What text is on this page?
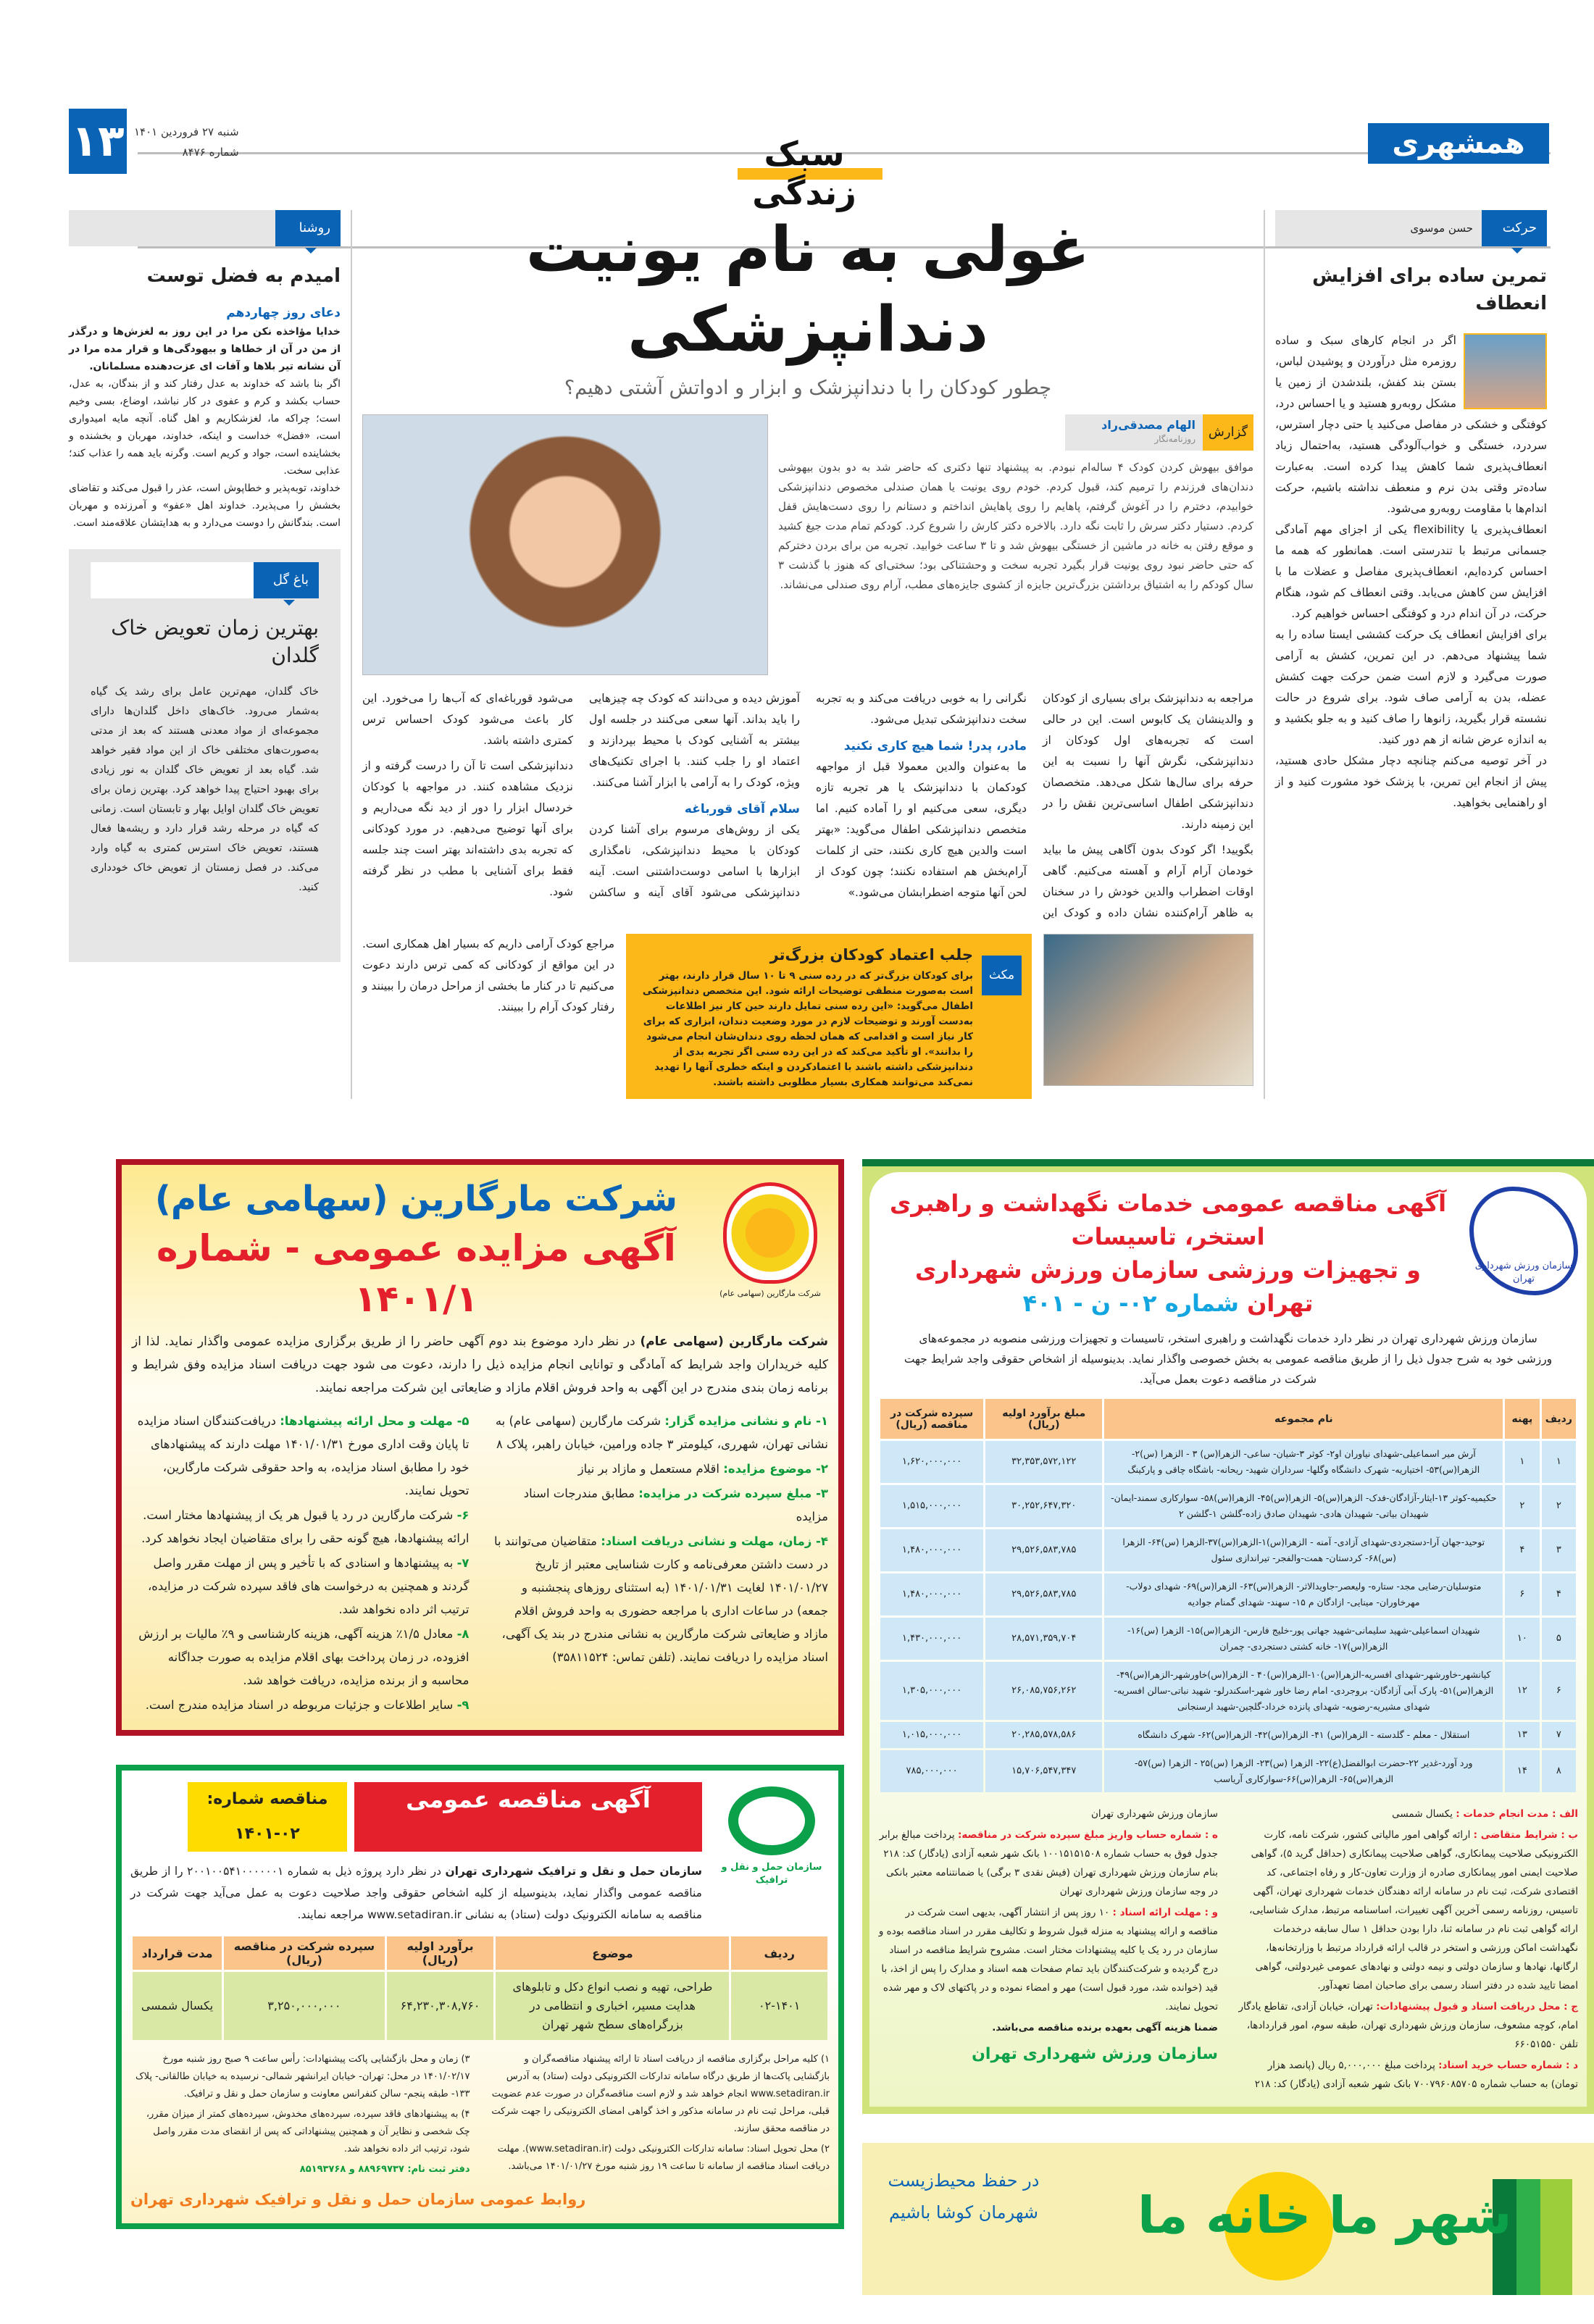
همشهری
۱۳ شنبه ۲۷ فروردین ۱۴۰۱
شماره ۸۴۷۶	سبک زندگی
حرکت
حسن موسوی
تمرین ساده برای افزایش انعطاف

اگر در انجام کارهای سبک و ساده روزمره مثل درآوردن و پوشیدن لباس، بستن بند کفش، بلندشدن از زمین یا مشکل روبه‌رو هستید و یا احساس درد، کوفتگی و خشکی در مفاصل می‌کنید یا حتی دچار استرس، سردرد، خستگی و خواب‌آلودگی هستید، به‌احتمال زیاد انعطاف‌پذیری شما کاهش پیدا کرده است. به‌عبارت ساده‌تر وقتی بدن نرم و منعطف نداشته باشیم، حرکت اندام‌ها با مقاومت روبه‌رو می‌شود.

انعطاف‌پذیری یا flexibility یکی از اجزای مهم آمادگی جسمانی مرتبط با تندرستی است. همانطور که همه ما احساس کرده‌ایم، انعطاف‌پذیری مفاصل و عضلات ما با افزایش سن کاهش می‌یابد. وقتی انعطاف کم شود، هنگام حرکت، در آن اندام درد و کوفتگی احساس خواهیم کرد.

برای افزایش انعطاف یک حرکت کششی ایستا ساده را به شما پیشنهاد می‌دهم. در این تمرین، کشش به آرامی صورت می‌گیرد و لازم است ضمن حرکت جهت کشش عضله، بدن به آرامی صاف شود. برای شروع در حالت نشسته قرار بگیرید، زانوها را صاف کنید و به جلو بکشید و به اندازه عرض شانه از هم دور کنید.

در آخر توصیه می‌کنم چنانچه دچار مشکل حادی هستید، پیش از انجام این تمرین، با پزشک خود مشورت کنید و از او راهنمایی بخواهید.

غولی به نام یونیت دندانپزشکی
چطور کودکان را با دندانپزشک و ابزار و ادواتش آشتی دهیم؟
گزارش
الهام مصدقی‌راد
روزنامه‌نگار

موافق بیهوش کردن کودک ۴ ساله‌ام نبودم. به پیشنهاد تنها دکتری که حاضر شد به دو بدون بیهوشی دندان‌های فرزندم را ترمیم کند، قبول کردم. خودم روی یونیت یا همان صندلی مخصوص دندانپزشکی خوابیدم، دخترم را در آغوش گرفتم، پاهایم را روی پاهایش انداختم و دستانم را روی دست‌هایش قفل کردم. دستیار دکتر سرش را ثابت نگه دارد. بالاخره دکتر کارش را شروع کرد. کودکم تمام مدت جیغ کشید و موقع رفتن به خانه در ماشین از خستگی بیهوش شد و تا ۳ ساعت خوابید. تجربه من برای بردن دخترکم که حتی حاضر نبود روی یونیت قرار بگیرد تجربه سخت و وحشتناکی بود؛ سختی‌ای که هنوز با گذشت ۳ سال کودکم را به اشتیاق برداشتن بزرگ‌ترین جایزه از کشوی جایزه‌های مطب، آرام روی صندلی می‌نشاند.

مراجعه به دندانپزشک برای بسیاری از کودکان و والدینشان یک کابوس است. این در حالی است که تجربه‌های اول کودکان از دندانپزشکی، نگرش آنها را نسبت به این حرفه برای سال‌ها شکل می‌دهد. متخصصان دندانپزشکی اطفال اساسی‌ترین نقش را در این زمینه دارند.

بگویید! اگر کودک بدون آگاهی پیش ما بیاید خودمان آرام آرام و آهسته می‌کنیم. گاهی اوقات اضطراب والدین خودش را در سخنان به ظاهر آرام‌کننده نشان داده و کودک این نگرانی را به خوبی دریافت می‌کند و به تجربه سخت دندانپزشکی تبدیل می‌شود.

مادر، پدر! شما هیچ کاری نکنید

ما به‌عنوان والدین معمولا قبل از مواجهه کودکمان با دندانپزشک یا هر تجربه تازه دیگری، سعی می‌کنیم او را آماده کنیم. اما متخصص دندانپزشکی اطفال می‌گوید: «بهتر است والدین هیچ کاری نکنند، حتی از کلمات آرام‌بخش هم استفاده نکنند؛ چون کودک از لحن آنها متوجه اضطرابشان می‌شود.»

آموزش دیده و می‌دانند که کودک چه چیزهایی را باید بداند. آنها سعی می‌کنند در جلسه اول بیشتر به آشنایی کودک با محیط بپردازند و اعتماد او را جلب کنند. با اجرای تکنیک‌های ویژه، کودک را به آرامی با ابزار آشنا می‌کنند.

سلام آقای قورباغه

یکی از روش‌های مرسوم برای آشنا کردن کودکان با محیط دندانپزشکی، نامگذاری ابزارها با اسامی دوست‌داشتنی است. آینه دندانپزشکی می‌شود آقای آینه و ساکشن می‌شود قورباغه‌ای که آب‌ها را می‌خورد. این کار باعث می‌شود کودک احساس ترس کمتری داشته باشد.

دندانپزشکی است تا آن را درست گرفته و از نزدیک مشاهده کنند. در مواجهه با کودکان خردسال ابزار را دور از دید نگه می‌داریم و برای آنها توضیح می‌دهیم. در مورد کودکانی که تجربه بدی داشته‌اند بهتر است چند جلسه فقط برای آشنایی با مطب در نظر گرفته شود.

مکث
جلب اعتماد کودکان بزرگ‌تر

برای کودکان بزرگ‌تر که در رده سنی ۹ تا ۱۰ سال قرار دارند، بهتر است به‌صورت منطقی توضیحات ارائه شود. این متخصص دندانپزشکی اطفال می‌گوید: «این رده سنی تمایل دارند حین کار نیز اطلاعات به‌دست آورند و توضیحات لازم در مورد وضعیت دندان، ابزاری که برای کار نیاز است و اقدامی که همان لحظه روی دندان‌شان انجام می‌شود را بدانند». او تأکید می‌کند که در این رده سنی اگر تجربه بدی از دندانپزشکی داشته باشند با اعتمادکردن و اینکه خطری آنها را تهدید نمی‌کند می‌توانند همکاری بسیار مطلوبی داشته باشند.

مراجع کودک آرامی داریم که بسیار اهل همکاری است. در این مواقع از کودکانی که کمی ترس دارند دعوت می‌کنیم تا در کنار ما بخشی از مراحل درمان را ببینند و رفتار کودک آرام را ببینند.

روشنا
امیدم به فضل توست
دعای روز چهاردهم

خدایا مؤاخذه نکن مرا در این روز به لغزش‌ها و درگذر از من در آن از خطاها و بیهودگی‌ها و قرار مده مرا در آن نشانه تیر بلاها و آفات ای عزت‌دهنده مسلمانان.

اگر بنا باشد که خداوند به عدل رفتار کند و از بندگان، به عدل، حساب بکشد و کرم و عفوی در کار نباشد، اوضاع، بسی وخیم است؛ چراکه ما، لغزشکاریم و اهل گناه. آنچه مایه امیدواری است، «فضل» خداست و اینکه، خداوند، مهربان و بخشنده و بخشاینده است، جواد و کریم است. وگرنه باید همه را عذاب کند؛ عذابی سخت.

خداوند، توبه‌پذیر و خطاپوش است، عذر را قبول می‌کند و تقاضای بخشش را می‌پذیرد. خداوند اهل «عفو» و آمرزنده و مهربان است. بندگانش را دوست می‌دارد و به هدایتشان علاقه‌مند است.

باغ گل
بهترین زمان تعویض خاک گلدان

خاک گلدان، مهم‌ترین عامل برای رشد یک گیاه به‌شمار می‌رود. خاک‌های داخل گلدان‌ها دارای مجموعه‌ای از مواد معدنی هستند که بعد از مدتی به‌صورت‌های مختلفی خاک از این مواد فقیر خواهد شد. گیاه بعد از تعویض خاک گلدان به نور زیادی برای بهبود احتیاج پیدا خواهد کرد. بهترین زمان برای تعویض خاک گلدان اوایل بهار و تابستان است. زمانی که گیاه در مرحله رشد قرار دارد و ریشه‌ها فعال هستند، تعویض خاک استرس کمتری به گیاه وارد می‌کند. در فصل زمستان از تعویض خاک خودداری کنید.

سازمان ورزش شهرداری تهران
آگهی مناقصه عمومی خدمات نگهداشت و راهبری استخر، تاسیسات
و تجهیزات ورزشی سازمان ورزش شهرداری تهران شماره ۰۲- ن - ۴۰۱
سازمان ورزش شهرداری تهران در نظر دارد خدمات نگهداشت و راهبری استخر، تاسیسات و تجهیزات ورزشی منصوبه در مجموعه‌های ورزشی خود به شرح جدول ذیل را از طریق مناقصه عمومی به بخش خصوصی واگذار نماید. بدینوسیله از اشخاص حقوقی واجد شرایط جهت شرکت در مناقصه دعوت بعمل می‌آید.
ردیف	پهنه	نام مجموعه	مبلغ برآورد اولیه (ریال)	سپرده شرکت در مناقصه (ریال)
۱	۱	آرش میر اسماعیلی-شهدای نیاوران او۲- کوثر ۳-شیان- ساعی- الزهرا(س) ۳ - الزهرا (س)۲- الزهرا(س)۵۳- اختیاریه- شهرک دانشگاه وگلها- سرداران شهید- ریحانه- باشگاه چاقی و پارکینگ	۳۲,۳۵۳,۵۷۲,۱۲۲	۱,۶۲۰,۰۰۰,۰۰۰
۲	۲	حکیمیه-کوثر ۱۳-ایثار-آزادگان-فدک- الزهرا(س)۵- الزهرا(س)۴۵- الزهرا(س)۵۸- سوارکاری سمند-ایمان- شهیدان بیاتی- شهیدان هادی- شهیدان صادق زاده-گلشن ۱-گلشن ۲	۳۰,۲۵۲,۶۴۷,۳۲۰	۱,۵۱۵,۰۰۰,۰۰۰
۳	۴	توحید-جهان آرا-دستجردی-شهدای آزادی- آمنه - الزهرا(س)۱-الزهرا(س)۳۷-الزهرا (س)۶۴- الزهرا (س)۶۸- کردستان- همت-والفجر- تیراندازی سئول	۲۹,۵۲۶,۵۸۳,۷۸۵	۱,۴۸۰,۰۰۰,۰۰۰
۴	۶	متوسلیان-رضایی مجد- ستاره- ولیعصر-جاویدالاثر- الزهرا(س)۶۳- الزهرا(س)۶۹- شهدای دولاب- مهرخاوران- مینایی- ازادگان م ۱۵- سهند- شهدای گمنام جوادیه	۲۹,۵۲۶,۵۸۳,۷۸۵	۱,۴۸۰,۰۰۰,۰۰۰
۵	۱۰	شهیدان اسماعیلی-شهید سلیمانی-شهید جهانی پور-خلیج فارس- الزهرا(س)۱۵- الزهرا (س)۱۶- الزهرا(س)۱۷- خانه کشتی دستجردی- چمران	۲۸,۵۷۱,۳۵۹,۷۰۴	۱,۴۳۰,۰۰۰,۰۰۰
۶	۱۲	کیانشهر-خاورشهر-شهدای افسریه-الزهرا(س)۱۰-الزهرا(س)۴۰ - الزهرا(س)خاورشهر-الزهرا(س)۴۹-الزهرا(س)۵۱- پارک آبی آزادگان- بروجردی- امام رضا خاور شهر-اسکندرلو- شهید نباتی-سالن افسریه-شهدای مشیریه-رضویه- شهدای پانزده خرداد-گلچین-شهید ارسنجانی	۲۶,۰۸۵,۷۵۶,۲۶۲	۱,۳۰۵,۰۰۰,۰۰۰
۷	۱۳	استقلال - معلم - گلدسته - الزهرا(س) ۴۱- الزهرا(س)۴۲- الزهرا(س)۶۲- شهرک دانشگاه	۲۰,۲۸۵,۵۷۸,۵۸۶	۱,۰۱۵,۰۰۰,۰۰۰
۸	۱۴	ورد آورد-غدیر ۲۲-حضرت ابوالفضل(ع)۲۲- الزهرا (س)۲۳- الزهرا (س)۲۵ - الزهرا (س)۵۷- الزهرا(س)۶۵- الزهرا(س)۶۶-سوارکاری آریاسب	۱۵,۷۰۶,۵۴۷,۳۴۷	۷۸۵,۰۰۰,۰۰۰

الف : مدت انجام خدمات : یکسال شمسی

ب : شرایط متقاضی : ارائه گواهی امور مالیاتی کشور، شرکت نامه، کارت الکترونیکی صلاحیت پیمانکاری، گواهی صلاحیت پیمانکاری (حداقل گرید ۵)، گواهی صلاحیت ایمنی امور پیمانکاری صادره از وزارت تعاون-کار و رفاه اجتماعی، کد اقتصادی شرکت، ثبت نام در سامانه ارائه دهندگان خدمات شهرداری تهران، آگهی تاسیس، روزنامه رسمی آخرین آگهی تغییرات، اساسنامه مرتبط، مدارک شناسایی، ارائه گواهی ثبت نام در سامانه ثنا، دارا بودن حداقل ۱ سال سابقه درخدمات نگهداشت اماکن ورزشی و استخر در قالب ارائه قرارداد مرتبط با وزارتخانه‌ها، ارگانها، نهادها و سازمان دولتی و نیمه دولتی و نهادهای عمومی غیردولتی، گواهی امضا تایید شده در دفتر اسناد رسمی برای صاحبان امضا تعهدآور.

ج : محل دریافت اسناد و قبول پیشنهادات: تهران، خیابان آزادی، تقاطع یادگار امام، کوچه مشعوف، سازمان ورزش شهرداری تهران، طبقه سوم، امور قراردادها، تلفن ۶۶۰۵۱۵۵۰

د : شماره حساب خرید اسناد: پرداخت مبلغ ۵,۰۰۰,۰۰۰ ریال (پانصد هزار تومان) به حساب شماره ۷۰۰۷۹۶۰۸۵۷۰۵ بانک شهر شعبه آزادی (یادگار) کد: ۲۱۸ سازمان ورزش شهرداری تهران

ه : شماره حساب واریز مبلغ سپرده شرکت در مناقصه: پرداخت مبالغ برابر جدول فوق به حساب شماره ۱۰۰۱۵۱۵۱۵۰۸ بانک شهر شعبه آزادی (یادگار) کد: ۲۱۸ بنام سازمان ورزش شهرداری تهران (فیش نقدی ۳ برگی) یا ضمانتنامه معتبر بانکی در وجه سازمان ورزش شهرداری تهران

و : مهلت ارائه اسناد : ۱۰ روز پس از انتشار آگهی، بدیهی است شرکت در مناقصه و ارائه پیشنهاد به منزله قبول شروط و تکالیف مقرر در اسناد مناقصه بوده و سازمان در رد یک یا کلیه پیشنهادات مختار است. مشروح شرایط مناقصه در اسناد درج گردیده و شرکت‌کنندگان باید تمام صفحات همه اسناد و مدارک را پس از اخذ، با قید (خوانده شد، مورد قبول است) مهر و امضاء نموده و در پاکتهای لاک و مهر شده تحویل نمایند.

ضمنا هزینه آگهی بعهده برنده مناقصه می‌باشد.

سازمان ورزش شهرداری تهران
شهر ما خانه ما
در حفظ محیط‌زیست شهرمان کوشا باشیم
شرکت مارگارین (سهامی عام)
شرکت مارگارین (سهامی عام)
آگهی مزایده عمومی - شماره ۱۴۰۱/۱
شرکت مارگارین (سهامی عام) در نظر دارد موضوع بند دوم آگهی حاضر را از طریق برگزاری مزایده عمومی واگذار نماید. لذا از کلیه خریداران واجد شرایط که آمادگی و توانایی انجام مزایده ذیل را دارند، دعوت می شود جهت دریافت اسناد مزایده وفق شرایط و برنامه زمان بندی مندرج در این آگهی به واحد فروش اقلام مازاد و ضایعاتی این شرکت مراجعه نمایند.
۱- نام و نشانی مزایده گزار: شرکت مارگارین (سهامی عام) به نشانی تهران، شهرری، کیلومتر ۳ جاده ورامین، خیابان راهبر، پلاک ۸
۲- موضوع مزایده: اقلام مستعمل و مازاد بر نیاز
۳- مبلغ سپرده شرکت در مزایده: مطابق مندرجات اسناد مزایده
۴- زمان، مهلت و نشانی دریافت اسناد: متقاضیان می‌توانند با در دست داشتن معرفی‌نامه و کارت شناسایی معتبر از تاریخ ۱۴۰۱/۰۱/۲۷ لغایت ۱۴۰۱/۰۱/۳۱ (به استثنای روزهای پنجشنبه و جمعه) در ساعات اداری با مراجعه حضوری به واحد فروش اقلام مازاد و ضایعاتی شرکت مارگارین به نشانی مندرج در بند یک آگهی، اسناد مزایده را دریافت نمایند. (تلفن تماس: ۳۵۸۱۱۵۲۴)
۵- مهلت و محل ارائه پیشنهادها: دریافت‌کنندگان اسناد مزایده تا پایان وقت اداری مورخ ۱۴۰۱/۰۱/۳۱ مهلت دارند که پیشنهادهای خود را مطابق اسناد مزایده، به واحد حقوقی شرکت مارگارین، تحویل نمایند.
۶- شرکت مارگارین در رد یا قبول هر یک از پیشنهادها مختار است. ارائه پیشنهادها، هیچ گونه حقی را برای متقاضیان ایجاد نخواهد کرد.
۷- به پیشنهادها و اسنادی که با تأخیر و پس از مهلت مقرر واصل گردند و همچنین به درخواست های فاقد سپرده شرکت در مزایده، ترتیب اثر داده نخواهد شد.
۸- معادل ۱/۵٪ هزینه آگهی، هزینه کارشناسی و ۹٪ مالیات بر ارزش افزوده، در زمان پرداخت بهای اقلام مزایده به صورت جداگانه محاسبه و از برنده مزایده، دریافت خواهد شد.
۹- سایر اطلاعات و جزئیات مربوطه در اسناد مزایده مندرج است.
سازمان حمل و نقل و ترافیک
آگهی مناقصه عمومی
مناقصه شماره: ۰۲-۱۴۰۱
سازمان حمل و نقل و ترافیک شهرداری تهران در نظر دارد پروژه ذیل به شماره ۲۰۰۱۰۰۵۴۱۰۰۰۰۰۰۱ را از طریق مناقصه عمومی واگذار نماید، بدینوسیله از کلیه اشخاص حقوقی واجد صلاحیت دعوت به عمل می‌آید جهت شرکت در مناقصه به سامانه الکترونیک دولت (ستاد) به نشانی www.setadiran.ir مراجعه نمایند.
ردیف	موضوع	برآورد اولیه (ریال)	سپرده شرکت در مناقصه (ریال)	مدت قرارداد
۰۲-۱۴۰۱	طراحی، تهیه و نصب انواع دکل و تابلوهای هدایت مسیر، اخباری و انتظامی در بزرگراه‌های سطح شهر تهران	۶۴,۲۳۰,۳۰۸,۷۶۰	۳,۲۵۰,۰۰۰,۰۰۰	یکسال شمسی

۱) کلیه مراحل برگزاری مناقصه از دریافت اسناد تا ارائه پیشنهاد مناقصه‌گران و بازگشایی پاکت‌ها از طریق درگاه سامانه تدارکات الکترونیکی دولت (ستاد) به آدرس www.setadiran.ir انجام خواهد شد و لازم است مناقصه‌گران در صورت عدم عضویت قبلی، مراحل ثبت نام در سامانه مذکور و اخذ گواهی امضای الکترونیکی را جهت شرکت در مناقصه محقق سازند.

۲) محل تحویل اسناد: سامانه تدارکات الکترونیکی دولت (www.setadiran.ir). مهلت دریافت اسناد مناقصه از سامانه تا ساعت ۱۹ روز شنبه مورخ ۱۴۰۱/۰۱/۲۷ می‌باشد.

۳) زمان و محل بازگشایی پاکت پیشنهادات: رأس ساعت ۹ صبح روز شنبه مورخ ۱۴۰۱/۰۲/۱۷ در محل: تهران- خیابان ایرانشهر شمالی- نرسیده به خیابان طالقانی- پلاک ۱۳۳- طبقه پنجم- سالن کنفرانس معاونت و سازمان حمل و نقل و ترافیک.

۴) به پیشنهادهای فاقد سپرده، سپرده‌های مخدوش، سپرده‌های کمتر از میزان مقرر، چک شخصی و نظایر آن و همچنین پیشنهاداتی که پس از انقضای مدت مقرر واصل شود، ترتیب اثر داده نخواهد شد.

دفتر ثبت نام: ۸۸۹۶۹۷۳۷ و ۸۵۱۹۳۷۶۸

روابط عمومی سازمان حمل و نقل و ترافیک شهرداری تهران
